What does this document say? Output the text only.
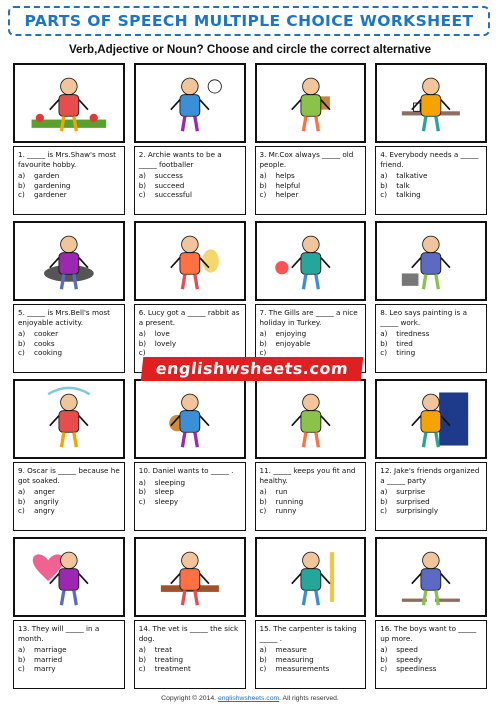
PARTS OF SPEECH MULTIPLE CHOICE WORKSHEET
Verb,Adjective or Noun? Choose and circle the correct alternative
1. _____ is Mrs.Shaw's most favourite hobby.
a)	garden
b)	gardening
c)	gardener
2. Archie wants to be a _____ footballer
a)	success
b)	succeed
c)	successful
3. Mr.Cox always _____ old people.
a)	helps
b)	helpful
c)	helper
4. Everybody needs a _____ friend.
a)	talkative
b)	talk
c)	talking
5. _____ is Mrs.Bell's most enjoyable activity.
a)	cooker
b)	cooks
c)	cooking
6. Lucy got a _____ rabbit as a present.
a)	love
b)	lovely
c)
7. The Gills are _____ a nice holiday in Turkey.
a)	enjoying
b)	enjoyable
c)
8. Leo says painting is a _____ work.
a)	tiredness
b)	tired
c)	tiring
9. Oscar is _____ because he got soaked.
a)	anger
b)	angrily
c)	angry
10. Daniel wants to _____ .
a)	sleeping
b)	sleep
c)	sleepy
11. _____ keeps you fit and healthy.
a)	run
b)	running
c)	runny
12. Jake's friends organized a _____ party
a)	surprise
b)	surprised
c)	surprisingly
13. They will _____ in a month.
a)	marriage
b)	married
c)	marry
14. The vet is _____ the sick dog.
a)	treat
b)	treating
c)	treatment
15. The carpenter is taking _____ .
a)	measure
b)	measuring
c)	measurements
16. The boys want to _____ up more.
a)	speed
b)	speedy
c)	speediness
englishwsheets.com
Copyright © 2014. englishwsheets.com. All rights reserved.
